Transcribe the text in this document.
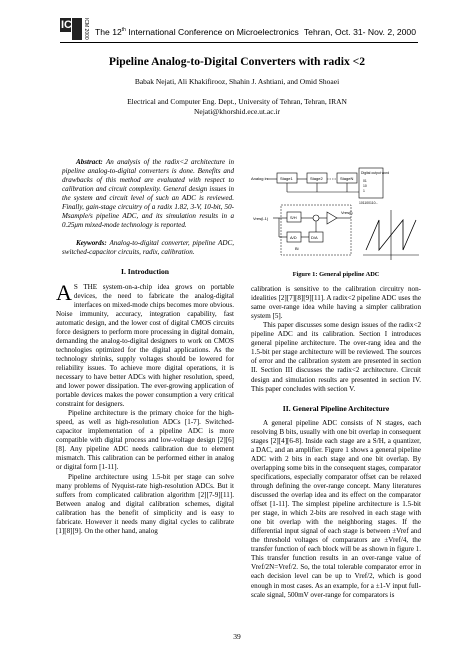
IC ICM 2000 The 12th International Conference on Microelectronics Tehran, Oct. 31- Nov. 2, 2000
Pipeline Analog-to-Digital Converters with radix <2
Babak Nejati, Ali Khakifirooz, Shahin J. Ashtiani, and Omid Shoaei
Electrical and Computer Eng. Dept., University of Tehran, Tehran, IRAN
Nejati@khorshid.ece.ut.ac.ir

Abstract: An analysis of the radix<2 architecture in pipeline analog-to-digital converters is done. Benefits and drawbacks of this method are evaluated with respect to calibration and circuit complexity. General design issues in the system and circuit level of such an ADC is reviewed. Finally, gain-stage circuitry of a radix 1.82, 3-V, 10-bit, 50-Msample/s pipeline ADC, and its simulation results in a 0.25μm mixed-mode technology is reported.

Keywords: Analog-to-digital converter, pipeline ADC, switched-capacitor circuits, radix, calibration.

I. Introduction

A S THE system-on-a-chip idea grows on portable devices, the need to fabricate the analog-digital interfaces on mixed-mode chips becomes more obvious. Noise immunity, accuracy, integration capability, fast automatic design, and the lower cost of digital CMOS circuits force designers to perform more processing in digital domain, demanding the analog-to-digital designers to work on CMOS technologies optimized for the digital applications. As the technology shrinks, supply voltages should be lowered for reliability issues. To achieve more digital operations, it is necessary to have better ADCs with higher resolution, speed, and lower power dissipation. The ever-growing application of portable devices makes the power consumption a very critical constraint for designers.

Pipeline architecture is the primary choice for the high-speed, as well as high-resolution ADCs [1-7]. Switched-capacitor implementation of a pipeline ADC is more compatible with digital process and low-voltage design [2][6][8]. Any pipeline ADC needs calibration due to element mismatch. This calibration can be performed either in analog or digital form [1-11].

Pipeline architecture using 1.5-bit per stage can solve many problems of Nyquist-rate high-resolution ADCs. But it suffers from complicated calibration algorithm [2][7-9][11]. Between analog and digital calibration schemes, digital calibration has the benefit of simplicity and is easy to fabricate. However it needs many digital cycles to calibrate [1][8][9]. On the other hand, analog

Analog in	Stage1	Stage2	StageN
Digital output word
01
10
1
101100110...
Vres(i-1)	S/H
Vres(i)
A/D	D/A
Bi
Figure 1: General pipeline ADC

calibration is sensitive to the calibration circuitry non-idealities [2][7][8][9][11]. A radix<2 pipeline ADC uses the same over-range idea while having a simpler calibration system [5].

This paper discusses some design issues of the radix<2 pipeline ADC and its calibration. Section I introduces general pipeline architecture. The over-rang idea and the 1.5-bit per stage architecture will be reviewed. The sources of error and the calibration system are presented in section II. Section III discusses the radix<2 architecture. Circuit design and simulation results are presented in section IV. This paper concludes with section V.

II. General Pipeline Architecture

A general pipeline ADC consists of N stages, each resolving B bits, usually with one bit overlap in consequent stages [2][4][6-8]. Inside each stage are a S/H, a quantizer, a DAC, and an amplifier. Figure 1 shows a general pipeline ADC with 2 bits in each stage and one bit overlap. By overlapping some bits in the consequent stages, comparator specifications, especially comparator offset can be relaxed through defining the over-range concept. Many literatures discussed the overlap idea and its effect on the comparator offset [1-11]. The simplest pipeline architecture is 1.5-bit per stage, in which 2-bits are resolved in each stage with one bit overlap with the neighboring stages. If the differential input signal of each stage is between ±Vref and the threshold voltages of comparators are ±Vref/4, the transfer function of each block will be as shown in figure 1. This transfer function results in an over-range value of Vref/2N=Vref/2. So, the total tolerable comparator error in each decision level can be up to Vref/2, which is good enough in most cases. As an example, for a ±1-V input full-scale signal, 500mV over-range for comparators is

39
